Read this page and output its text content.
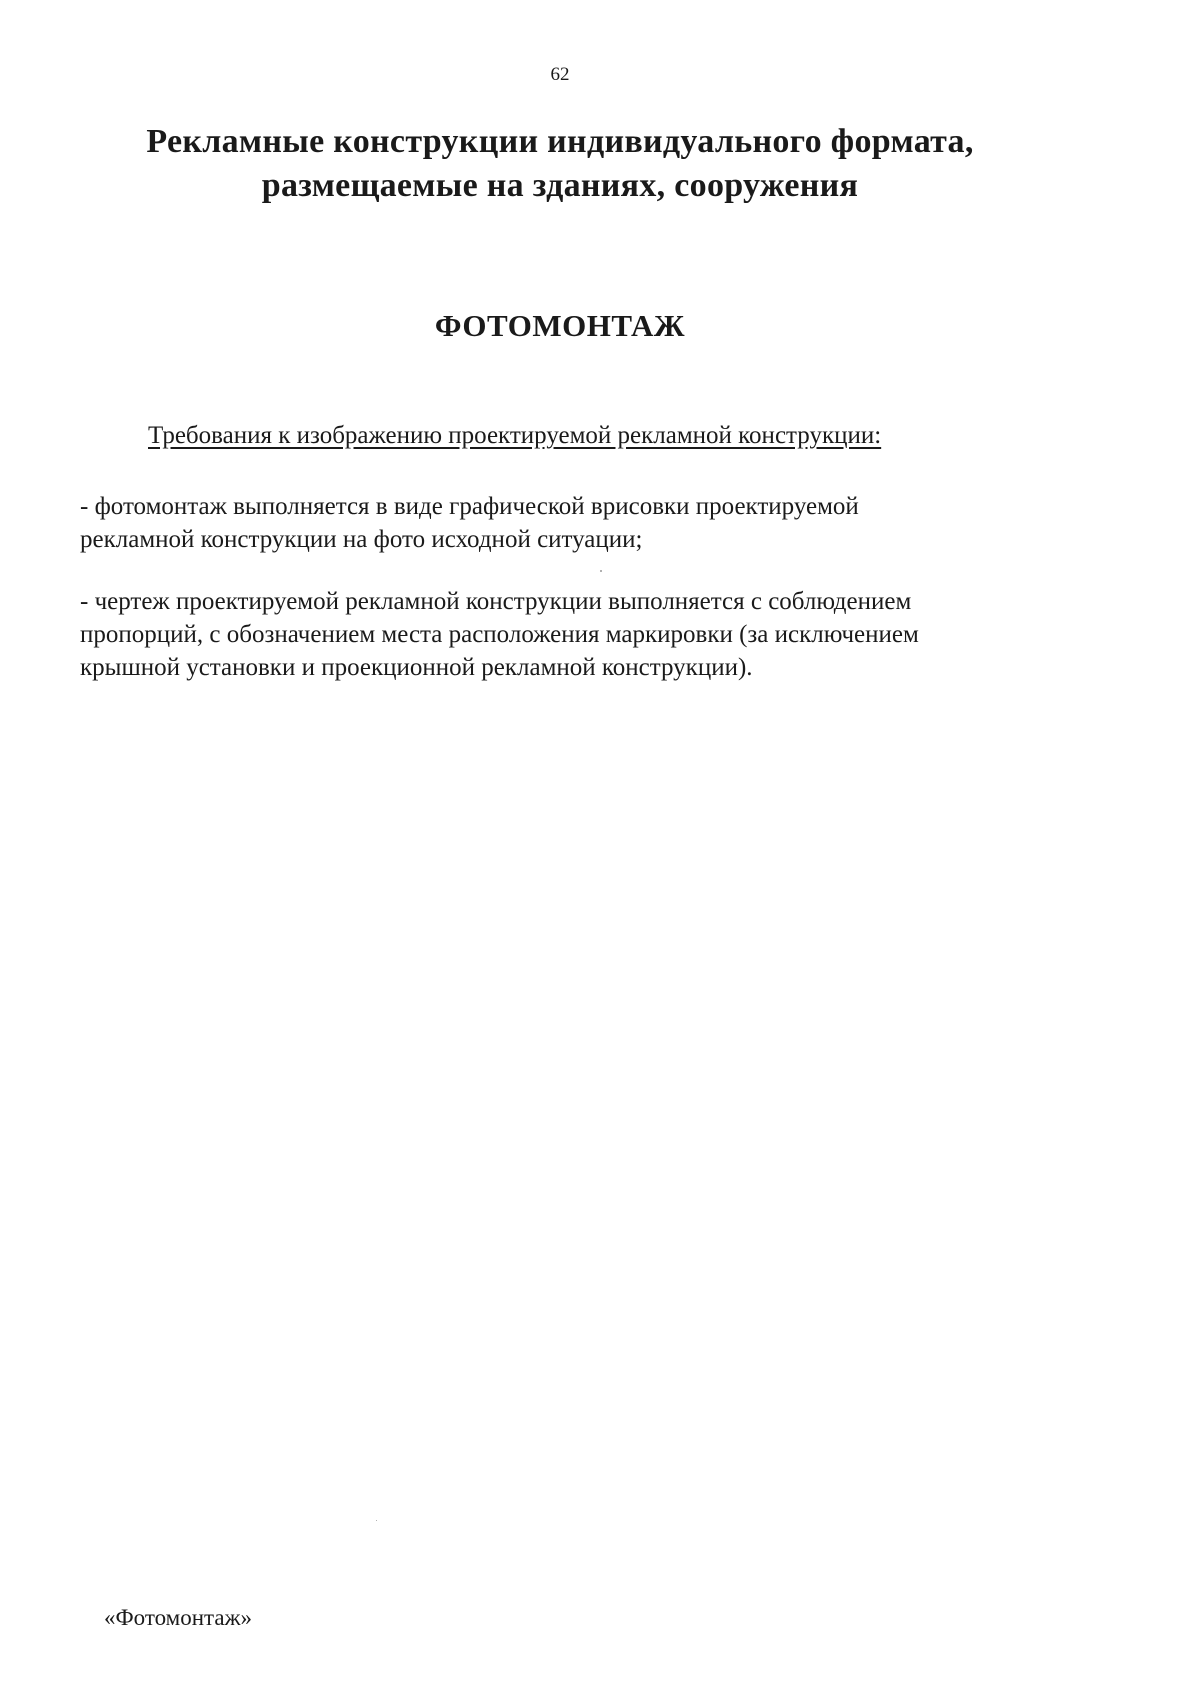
62
Рекламные конструкции индивидуального формата,
размещаемые на зданиях, сооружения
ФОТОМОНТАЖ
Требования к изображению проектируемой рекламной конструкции:
- фотомонтаж выполняется в виде графической врисовки проектируемой
рекламной конструкции на фото исходной ситуации;
- чертеж проектируемой рекламной конструкции выполняется с соблюдением
пропорций, с обозначением места расположения маркировки (за исключением
крышной установки и проекционной рекламной конструкции).
«Фотомонтаж»
